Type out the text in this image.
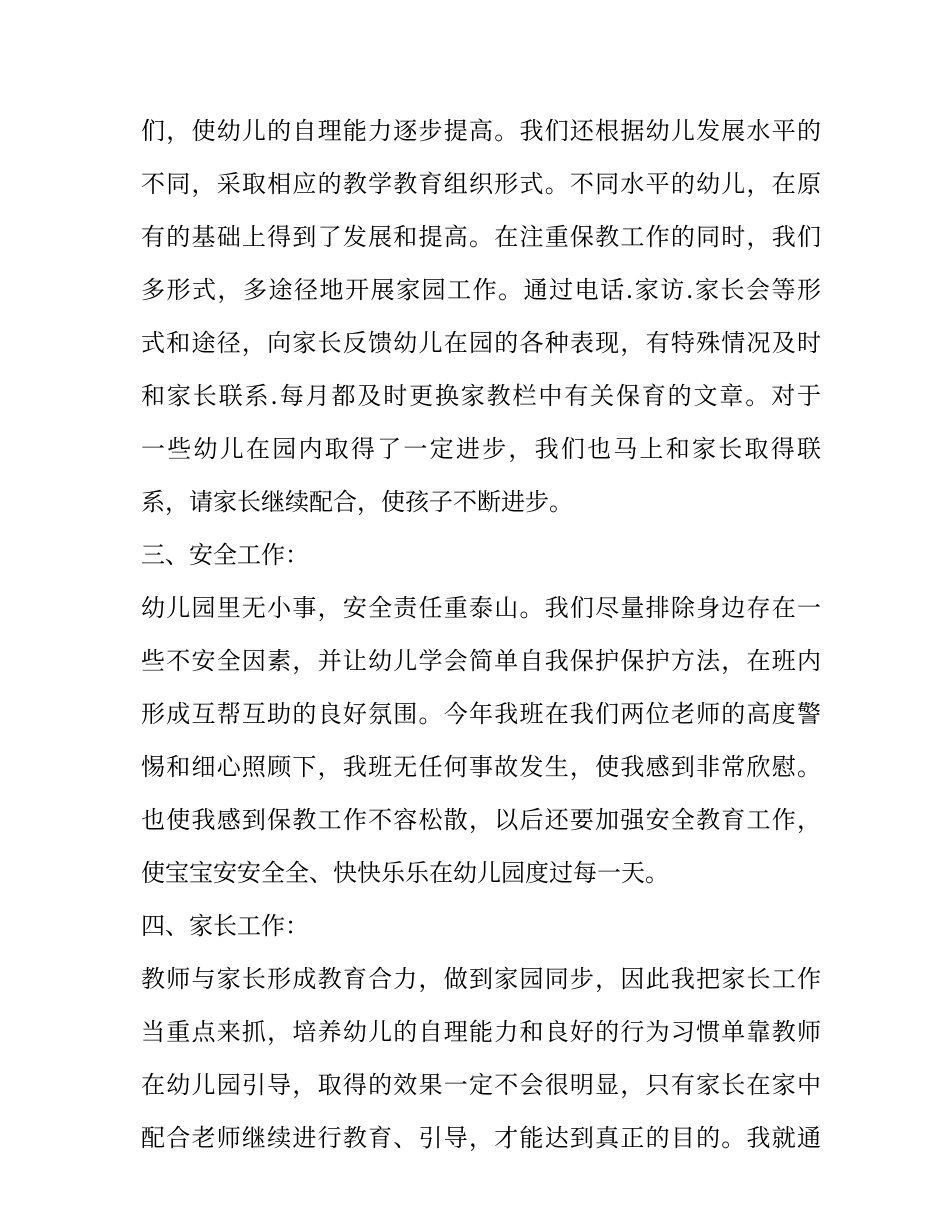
们，使幼儿的自理能力逐步提高。我们还根据幼儿发展水平的
不同，采取相应的教学教育组织形式。不同水平的幼儿，在原
有的基础上得到了发展和提高。在注重保教工作的同时，我们
多形式，多途径地开展家园工作。通过电话.家访.家长会等形
式和途径，向家长反馈幼儿在园的各种表现，有特殊情况及时
和家长联系.每月都及时更换家教栏中有关保育的文章。对于
一些幼儿在园内取得了一定进步，我们也马上和家长取得联
系，请家长继续配合，使孩子不断进步。
三、安全工作：
幼儿园里无小事，安全责任重泰山。我们尽量排除身边存在一
些不安全因素，并让幼儿学会简单自我保护保护方法，在班内
形成互帮互助的良好氛围。今年我班在我们两位老师的高度警
惕和细心照顾下，我班无任何事故发生，使我感到非常欣慰。
也使我感到保教工作不容松散，以后还要加强安全教育工作，
使宝宝安安全全、快快乐乐在幼儿园度过每一天。
四、家长工作：
教师与家长形成教育合力，做到家园同步，因此我把家长工作
当重点来抓，培养幼儿的自理能力和良好的行为习惯单靠教师
在幼儿园引导，取得的效果一定不会很明显，只有家长在家中
配合老师继续进行教育、引导，才能达到真正的目的。我就通
